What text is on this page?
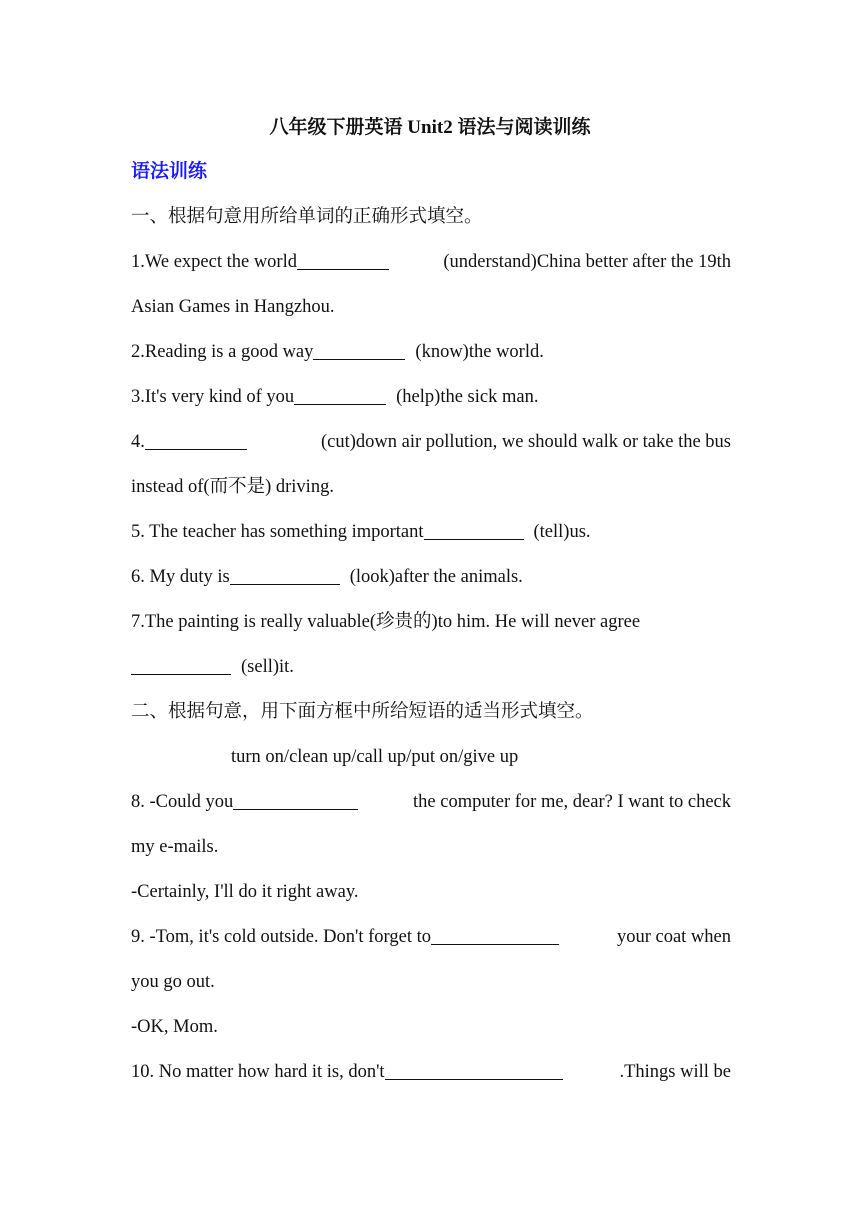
八年级下册英语 Unit2 语法与阅读训练
语法训练
一、根据句意用所给单词的正确形式填空。
1.We expect the world	(understand)China better after the 19th
Asian Games in Hangzhou.
2.Reading is a good way	(know)the world.
3.It's very kind of you	(help)the sick man.
4.	(cut)down air pollution, we should walk or take the bus
instead of(而不是) driving.
5. The teacher has something important	(tell)us.
6. My duty is	(look)after the animals.
7.The painting is really valuable(珍贵的)to him. He will never agree
(sell)it.
二、根据句意，用下面方框中所给短语的适当形式填空。
turn on/clean up/call up/put on/give up
8. -Could you	the computer for me, dear? I want to check
my e-mails.
-Certainly, I'll do it right away.
9. -Tom, it's cold outside. Don't forget to	your coat when
you go out.
-OK, Mom.
10. No matter how hard it is, don't	.Things will be
